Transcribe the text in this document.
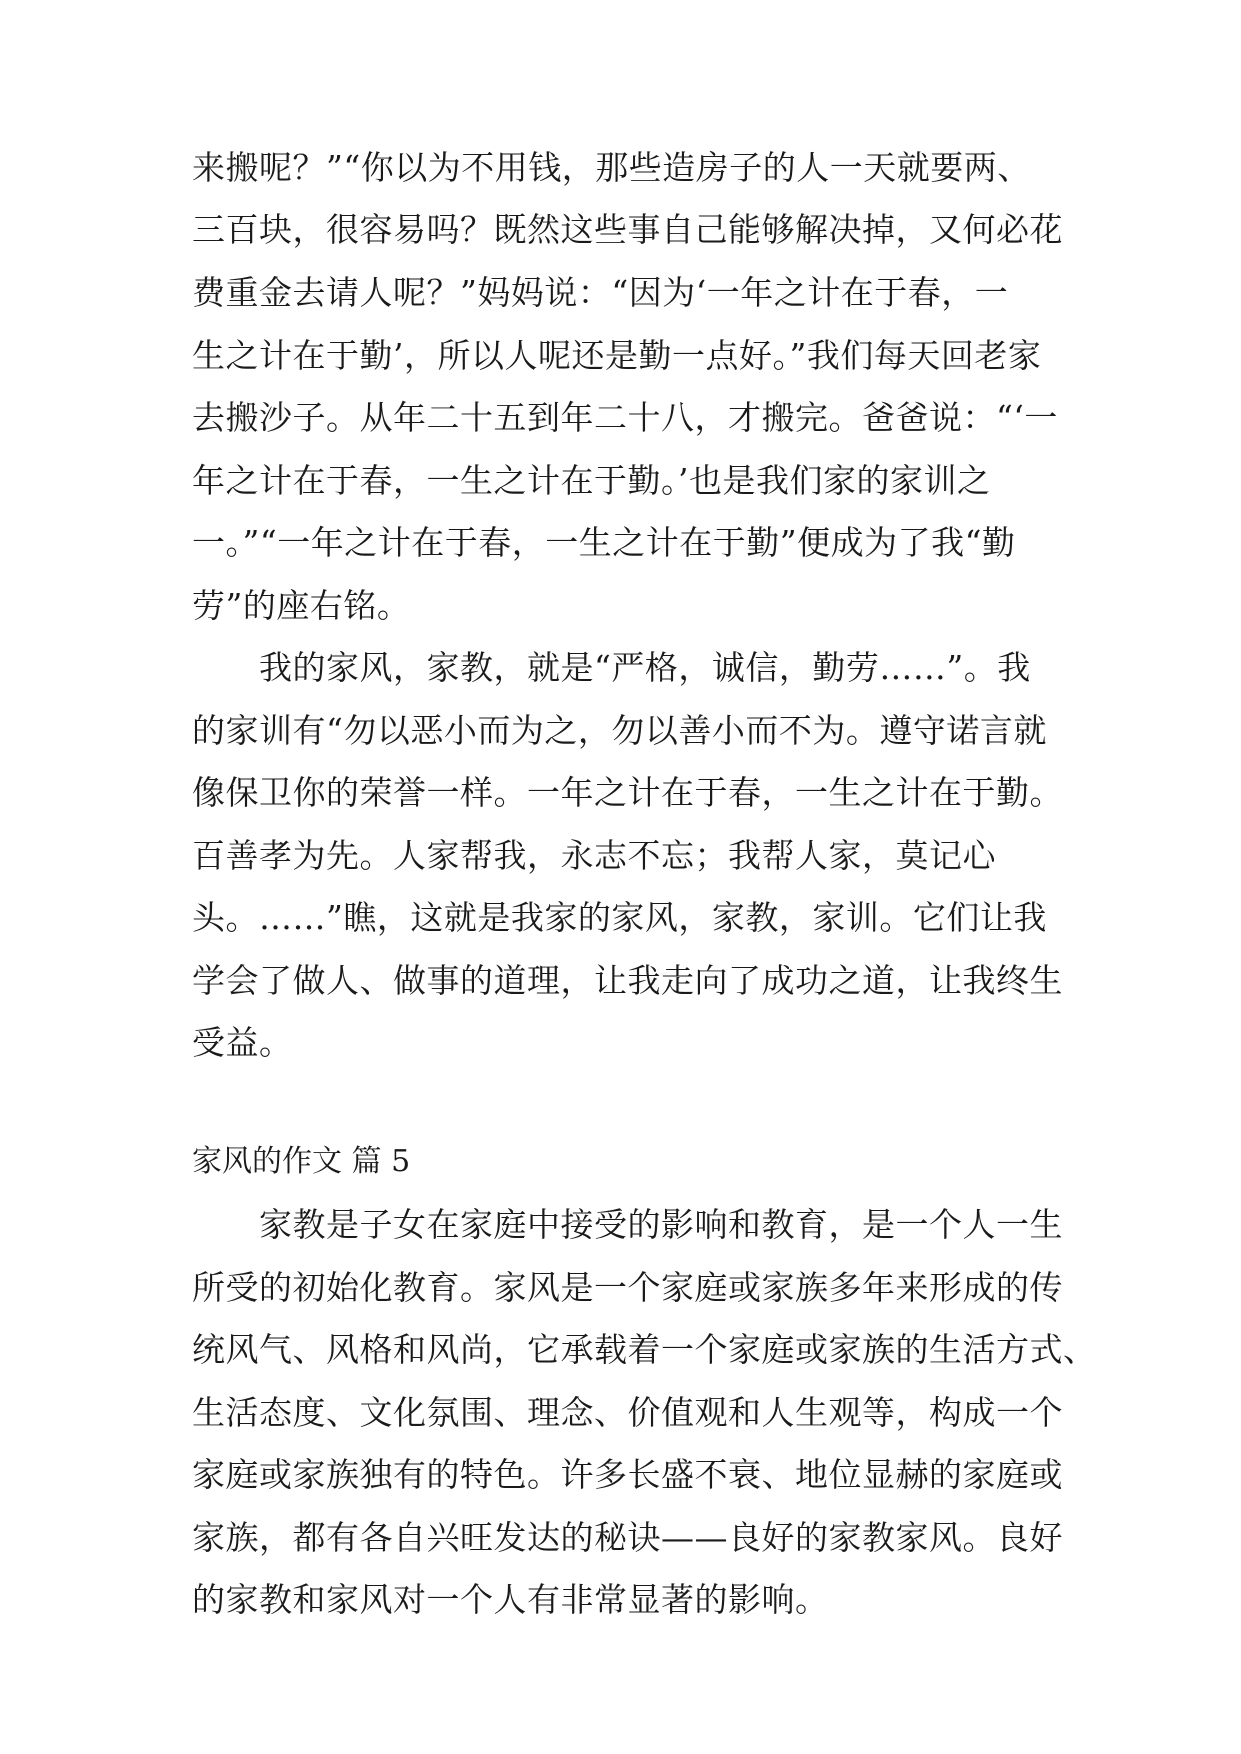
来搬呢？”“你以为不用钱，那些造房子的人一天就要两、
三百块，很容易吗？既然这些事自己能够解决掉，又何必花
费重金去请人呢？”妈妈说：“因为‘一年之计在于春，一
生之计在于勤’，所以人呢还是勤一点好。”我们每天回老家
去搬沙子。从年二十五到年二十八，才搬完。爸爸说：“‘一
年之计在于春，一生之计在于勤。’也是我们家的家训之
一。”“一年之计在于春，一生之计在于勤”便成为了我“勤
劳”的座右铭。
　　我的家风，家教，就是“严格，诚信，勤劳……”。我
的家训有“勿以恶小而为之，勿以善小而不为。遵守诺言就
像保卫你的荣誉一样。一年之计在于春，一生之计在于勤。
百善孝为先。人家帮我，永志不忘；我帮人家，莫记心
头。……”瞧，这就是我家的家风，家教，家训。它们让我
学会了做人、做事的道理，让我走向了成功之道，让我终生
受益。
家风的作文 篇 5
　　家教是子女在家庭中接受的影响和教育，是一个人一生
所受的初始化教育。家风是一个家庭或家族多年来形成的传
统风气、风格和风尚，它承载着一个家庭或家族的生活方式、
生活态度、文化氛围、理念、价值观和人生观等，构成一个
家庭或家族独有的特色。许多长盛不衰、地位显赫的家庭或
家族，都有各自兴旺发达的秘诀——良好的家教家风。良好
的家教和家风对一个人有非常显著的影响。
